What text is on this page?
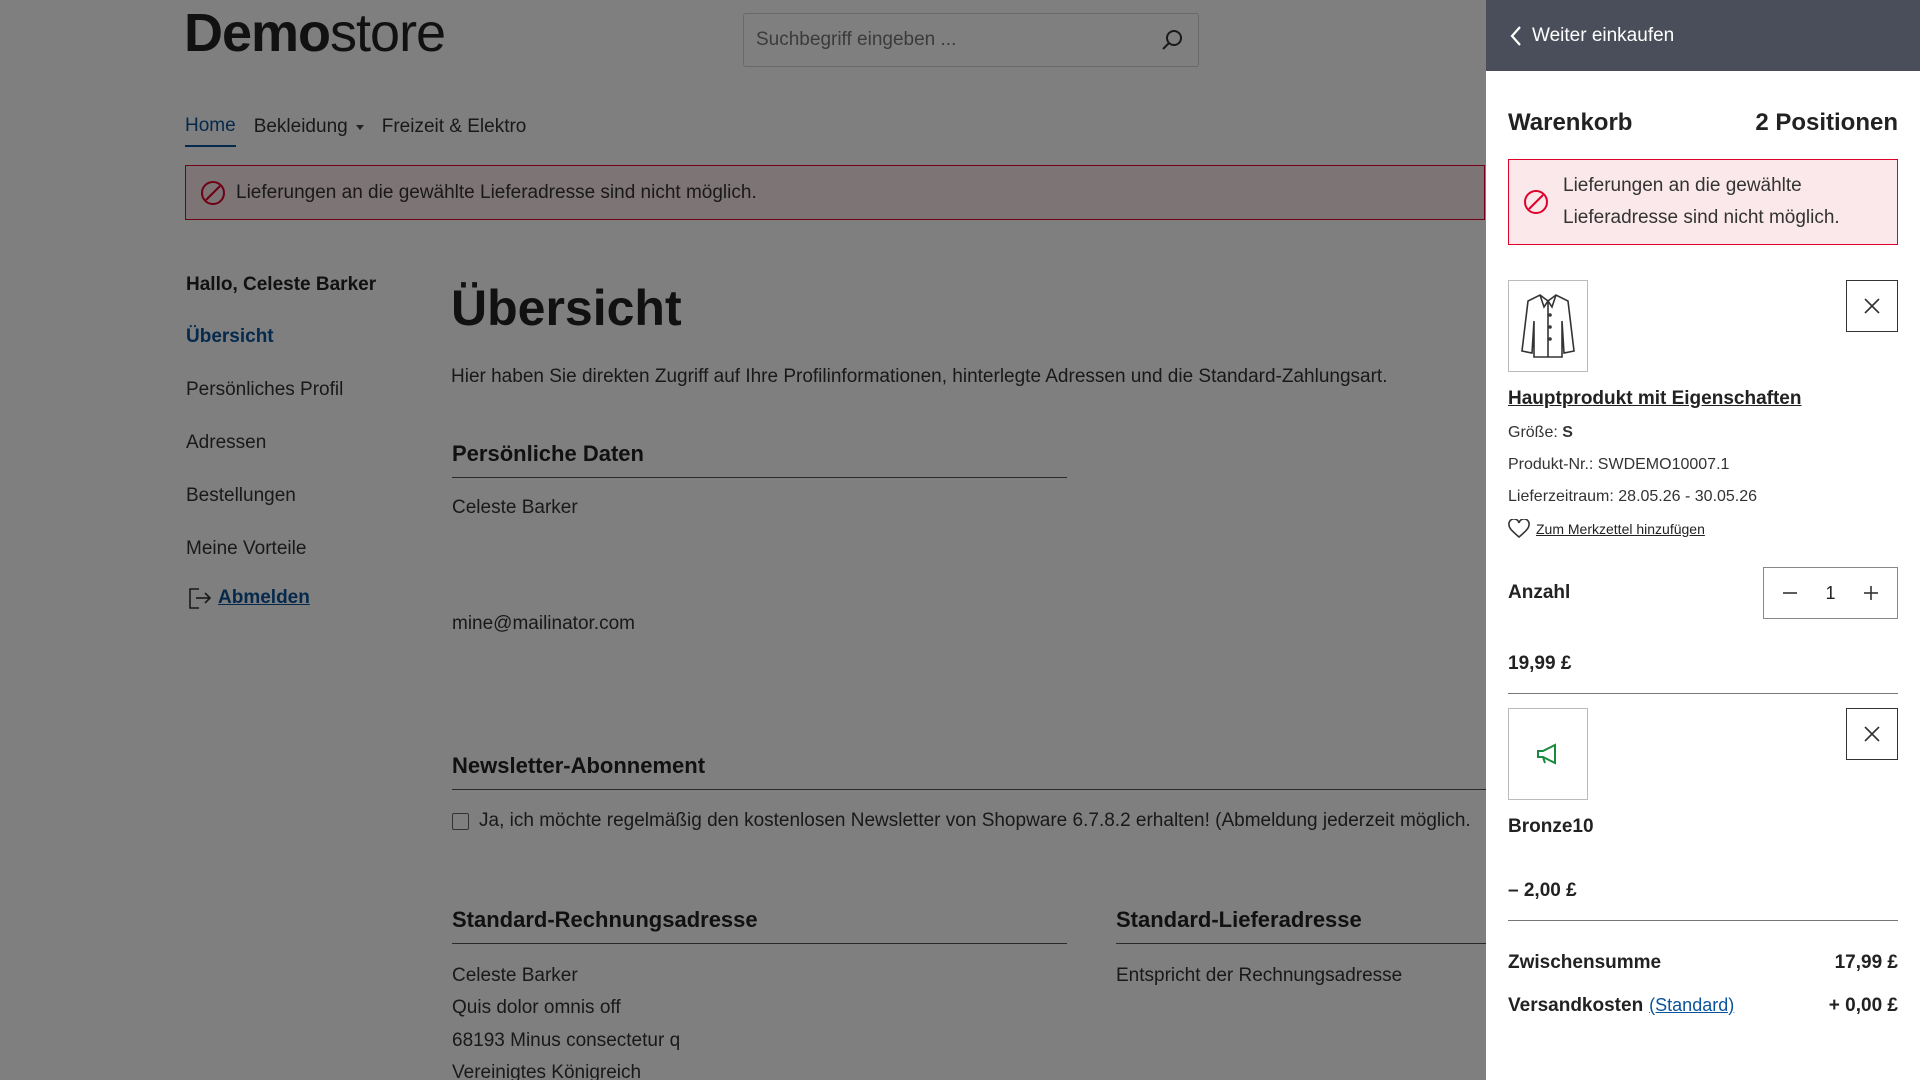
Suchbegriff eingeben ...
Weiter einkaufen
Warenkorb	2 Positionen
Lieferungen an die gewählte
Lieferadresse sind nicht möglich.
Hauptprodukt mit Eigenschaften
Größe: S
Produkt-Nr.: SWDEMO10007.1
Lieferzeitraum: 28.05.26 - 30.05.26
Zum Merkzettel hinzufügen
Anzahl	1
19,99 £
Bronze10
– 2,00 £
Zwischensumme	17,99 £
Versandkosten (Standard)	+ 0,00 £
